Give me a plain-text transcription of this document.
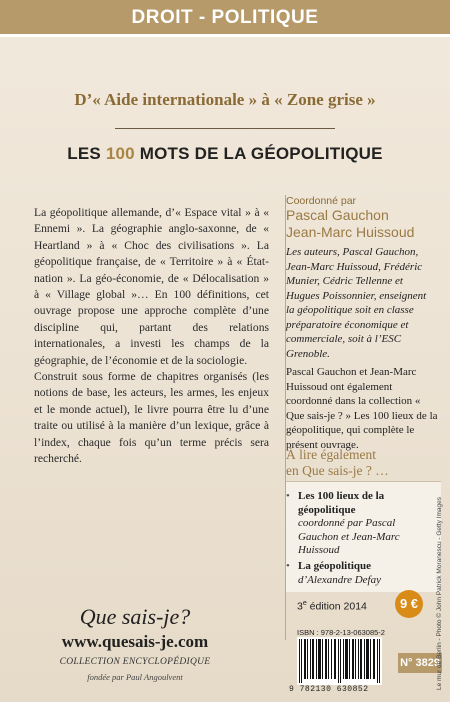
DROIT - POLITIQUE
D’« Aide internationale » à « Zone grise »
LES 100 MOTS DE LA GÉOPOLITIQUE

La géopolitique allemande, d’« Espace vital » à « Ennemi ». La géographie anglo-saxonne, de « Heartland » à « Choc des civilisations ». La géopolitique française, de « Territoire » à « État-nation ». La géo-économie, de « Délocalisation » à « Village global »… En 100 définitions, cet ouvrage propose une approche complète d’une discipline qui, partant des relations internationales, a investi les champs de la géographie, de l’économie et de la sociologie.

Construit sous forme de chapitres organisés (les notions de base, les acteurs, les armes, les enjeux et le monde actuel), le livre pourra être lu d’une traite ou utilisé à la manière d’un lexique, grâce à l’index, chaque fois qu’un terme précis sera recherché.

Coordonné par
Pascal Gauchon
Jean-Marc Huissoud
Les auteurs, Pascal Gauchon, Jean-Marc Huissoud, Frédéric Munier, Cédric Tellenne et Hugues Poissonnier, enseignent la géopolitique soit en classe préparatoire économique et commerciale, soit à l’ESC Grenoble.
Pascal Gauchon et Jean-Marc Huissoud ont également coordonné dans la collection « Que sais-je ? » Les 100 lieux de la géopolitique, qui complète le présent ouvrage.
À lire également
en Que sais-je ? …
• Les 100 lieux de la géopolitique
coordonné par Pascal Gauchon et Jean-Marc Huissoud
• La géopolitique
d’Alexandre Defay
Que sais-je?
www.quesais-je.com
COLLECTION ENCYCLOPÉDIQUE
fondée par Paul Angoulvent
3e édition 2014	9 €
ISBN : 978-2-13-063085-2
9 782130 630852
N° 3829
Le mur de Berlin - Photo © John Patrick Moranescu - Getty Images
